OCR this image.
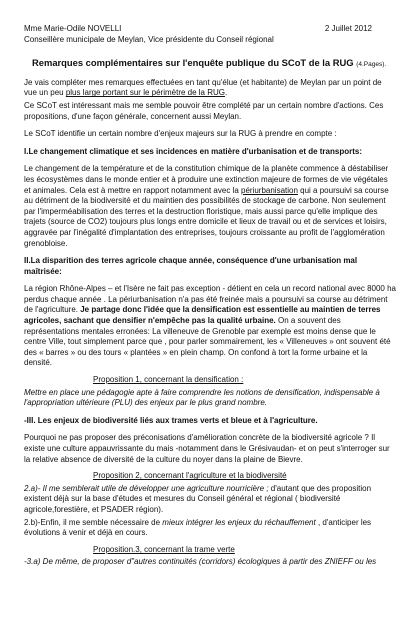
Mme Marie-Odile NOVELLI	2 Juillet 2012
Conseillère municipale de Meylan, Vice présidente du Conseil régional
Remarques complémentaires sur l'enquête publique du SCoT de la RUG (4.Pages).

Je vais compléter mes remarques effectuées en tant qu'élue (et habitante) de Meylan par un point de vue un peu plus large portant sur le périmètre de la RUG.

Ce SCoT est intéressant mais me semble pouvoir être complété par un certain nombre d'actions. Ces propositions, d'une façon générale, concernent aussi Meylan.

Le SCoT identifie un certain nombre d'enjeux majeurs sur la RUG à prendre en compte :

I.Le changement climatique et ses incidences en matière d'urbanisation et de transports:

Le changement de la température et de la constitution chimique de la planète commence à déstabiliser les écosystèmes dans le monde entier et à produire une extinction majeure de formes de vie végétales et animales. Cela est à mettre en rapport notamment avec la périurbanisation qui a poursuivi sa course au détriment de la biodiversité et du maintien des possibilités de stockage de carbone. Non seulement par l'imperméabilisation des terres et la destruction floristique, mais aussi parce qu'elle implique des trajets (source de CO2) toujours plus longs entre domicile et lieux de travail ou et de services et loisirs, aggravée par l'inégalité d'implantation des entreprises, toujours croissante au profit de l'agglomération grenobloise.

II.La disparition des terres agricole chaque année, conséquence d'une urbanisation mal maîtrisée:

La région Rhône-Alpes – et l'Isère ne fait pas exception - détient en cela un record national avec 8000 ha perdus chaque année . La périurbanisation n'a pas été freinée mais a poursuivi sa course au détriment de l'agriculture. Je partage donc l'idée que la densification est essentielle au maintien de terres agricoles, sachant que densifier n'empêche pas la qualité urbaine. On a souvent des représentations mentales erronées: La villeneuve de Grenoble par exemple est moins dense que le centre Ville, tout simplement parce que , pour parler sommairement, les « Villeneuves » ont souvent été des « barres » ou des tours « plantées » en plein champ. On confond à tort la forme urbaine et la densité.

Proposition 1, concernant la densification :

Mettre en place une pédagogie apte à faire comprendre les notions de densification, indispensable à l'appropriation ultérieure (PLU) des enjeux par le plus grand nombre.

-III. Les enjeux de biodiversité liés aux trames verts et bleue et à l'agriculture.

Pourquoi ne pas proposer des préconisations d'amélioration concrète de la biodiversité agricole ? Il existe une culture appauvrissante du mais -notamment dans le Grésivaudan- et on peut s'interroger sur la relative absence de diversité de la culture du noyer dans la plaine de Bievre.

Proposition 2, concernant l'agriculture et la biodiversité

2.a)- Il me semblerait utile de développer une agriculture nourricière ; d'autant que des proposition existent déjà sur la base d'études et mesures du Conseil général et régional ( biodiversité agricole,forestière, et PSADER région).

2.b)-Enfin, il me semble nécessaire de mieux intégrer les enjeux du réchauffement , d'anticiper les évolutions à venir et déjà en cours.

Proposition.3, concernant la trame verte

-3.a) De même, de proposer d"autres continuités (corridors) écologiques à partir des ZNIEFF ou les
